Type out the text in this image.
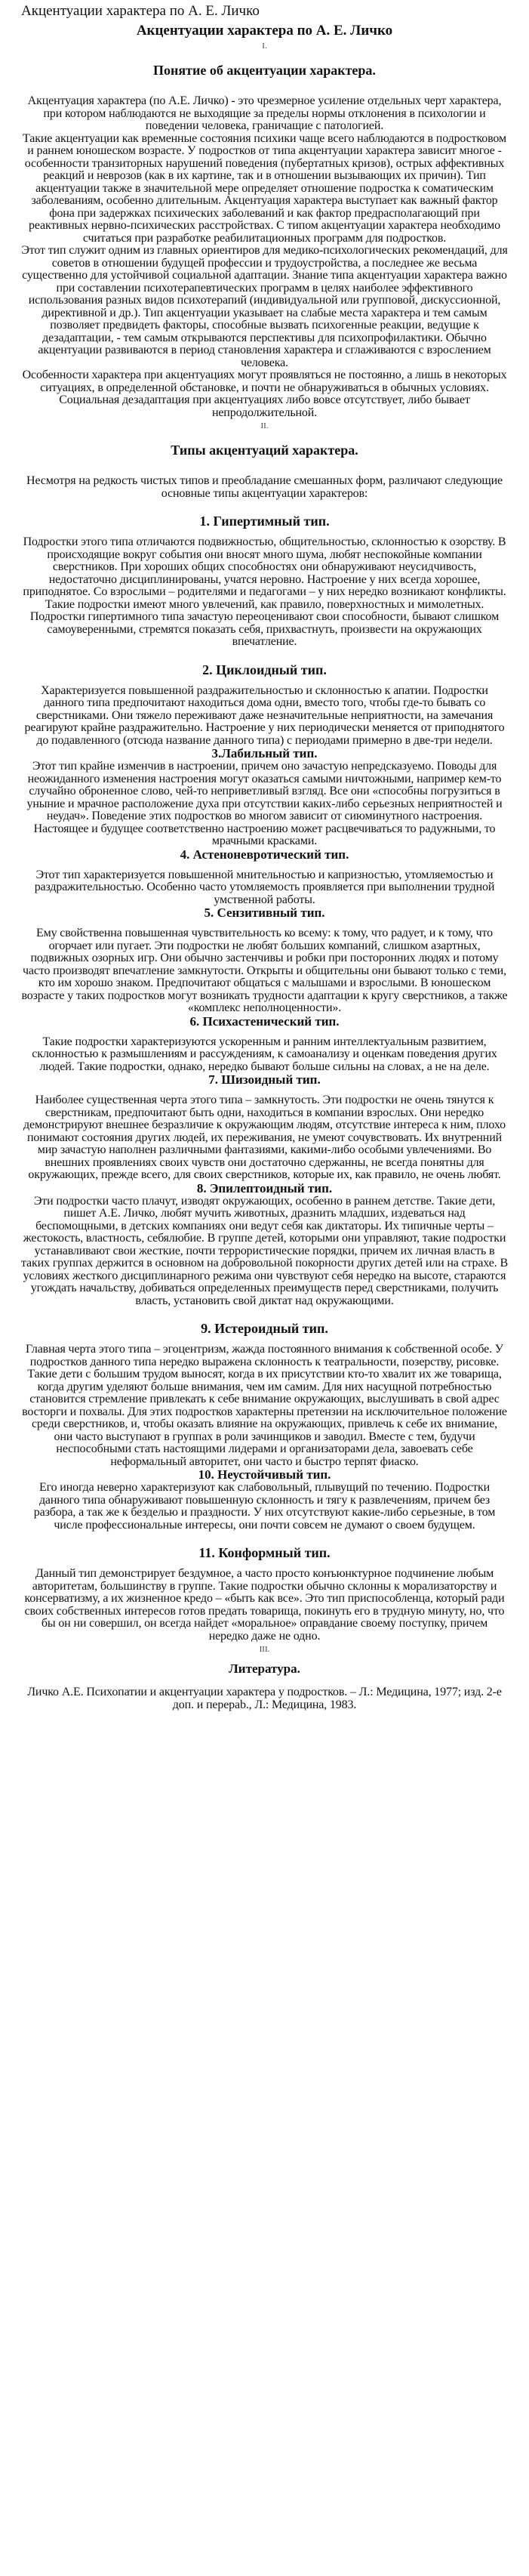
Акцентуации характера по А. Е. Личко
Акцентуации характера по А. Е. Личко
I.
Понятие об акцентуации характера.

Акцентуация характера (по А.Е. Личко) - это чрезмерное усиление отдельных черт характера, при котором наблюдаются не выходящие за пределы нормы отклонения в психологии и поведении человека, граничащие с патологией.

Такие акцентуации как временные состояния психики чаще всего наблюдаются в подростковом и раннем юношеском возрасте. У подростков от типа акцентуации характера зависит многое - особенности транзиторных нарушений поведения (пубертатных кризов), острых аффективных реакций и неврозов (как в их картине, так и в отношении вызывающих их причин). Тип акцентуации также в значительной мере определяет отношение подростка к соматическим заболеваниям, особенно длительным. Акцентуация характера выступает как важный фактор фона при задержках психических заболеваний и как фактор предрасполагающий при реактивных нервно-психических расстройствах. С типом акцентуации характера необходимо считаться при разработке реабилитационных программ для подростков.

Этот тип служит одним из главных ориентиров для медико-психологических рекомендаций, для советов в отношении будущей профессии и трудоустройства, а последнее же весьма существенно для устойчивой социальной адаптации. Знание типа акцентуации характера важно при составлении психотерапевтических программ в целях наиболее эффективного использования разных видов психотерапий (индивидуальной или групповой, дискуссионной, директивной и др.). Тип акцентуации указывает на слабые места характера и тем самым позволяет предвидеть факторы, способные вызвать психогенные реакции, ведущие к дезадаптации, - тем самым открываются перспективы для психопрофилактики. Обычно акцентуации развиваются в период становления характера и сглаживаются с взрослением человека.

Особенности характера при акцентуациях могут проявляться не постоянно, а лишь в некоторых ситуациях, в определенной обстановке, и почти не обнаруживаться в обычных условиях. Социальная дезадаптация при акцентуациях либо вовсе отсутствует, либо бывает непродолжительной.

II.
Типы акцентуаций характера.

Несмотря на редкость чистых типов и преобладание смешанных форм, различают следующие основные типы акцентуации характеров:

1. Гипертимный тип.

Подростки этого типа отличаются подвижностью, общительностью, склонностью к озорству. В происходящие вокруг события они вносят много шума, любят неспокойные компании сверстников. При хороших общих способностях они обнаруживают неусидчивость, недостаточно дисциплинированы, учатся неровно. Настроение у них всегда хорошее, приподнятое. Со взрослыми – родителями и педагогами – у них нередко возникают конфликты. Такие подростки имеют много увлечений, как правило, поверхностных и мимолетных. Подростки гипертимного типа зачастую переоценивают свои способности, бывают слишком самоуверенными, стремятся показать себя, прихвастнуть, произвести на окружающих впечатление.

2. Циклоидный тип.

Характеризуется повышенной раздражительностью и склонностью к апатии. Подростки данного типа предпочитают находиться дома одни, вместо того, чтобы где-то бывать со сверстниками. Они тяжело переживают даже незначительные неприятности, на замечания реагируют крайне раздражительно. Настроение у них периодически меняется от приподнятого до подавленного (отсюда название данного типа) с периодами примерно в две-три недели.

3.Лабильный тип.

Этот тип крайне изменчив в настроении, причем оно зачастую непредсказуемо. Поводы для неожиданного изменения настроения могут оказаться самыми ничтожными, например кем-то случайно оброненное слово, чей-то неприветливый взгляд. Все они «способны погрузиться в уныние и мрачное расположение духа при отсутствии каких-либо серьезных неприятностей и неудач». Поведение этих подростков во многом зависит от сиюминутного настроения. Настоящее и будущее соответственно настроению может расцвечиваться то радужными, то мрачными красками.

4. Астеноневротический тип.

Этот тип характеризуется повышенной мнительностью и капризностью, утомляемостью и раздражительностью. Особенно часто утомляемость проявляется при выполнении трудной умственной работы.

5. Сензитивный тип.

Ему свойственна повышенная чувствительность ко всему: к тому, что радует, и к тому, что огорчает или пугает. Эти подростки не любят больших компаний, слишком азартных, подвижных озорных игр. Они обычно застенчивы и робки при посторонних людях и потому часто производят впечатление замкнутости. Открыты и общительны они бывают только с теми, кто им хорошо знаком. Предпочитают общаться с малышами и взрослыми. В юношеском возрасте у таких подростков могут возникать трудности адаптации к кругу сверстников, а также «комплекс неполноценности».

6. Психастенический тип.

Такие подростки характеризуются ускоренным и ранним интеллектуальным развитием, склонностью к размышлениям и рассуждениям, к самоанализу и оценкам поведения других людей. Такие подростки, однако, нередко бывают больше сильны на словах, а не на деле.

7. Шизоидный тип.

Наиболее существенная черта этого типа – замкнутость. Эти подростки не очень тянутся к сверстникам, предпочитают быть одни, находиться в компании взрослых. Они нередко демонстрируют внешнее безразличие к окружающим людям, отсутствие интереса к ним, плохо понимают состояния других людей, их переживания, не умеют сочувствовать. Их внутренний мир зачастую наполнен различными фантазиями, какими-либо особыми увлечениями. Во внешних проявлениях своих чувств они достаточно сдержанны, не всегда понятны для окружающих, прежде всего, для своих сверстников, которые их, как правило, не очень любят.

8. Эпилептоидный тип.

Эти подростки часто плачут, изводят окружающих, особенно в раннем детстве. Такие дети, пишет А.Е. Личко, любят мучить животных, дразнить младших, издеваться над беспомощными, в детских компаниях они ведут себя как диктаторы. Их типичные черты – жестокость, властность, себялюбие. В группе детей, которыми они управляют, такие подростки устанавливают свои жесткие, почти террористические порядки, причем их личная власть в таких группах держится в основном на добровольной покорности других детей или на страхе. В условиях жесткого дисциплинарного режима они чувствуют себя нередко на высоте, стараются угождать начальству, добиваться определенных преимуществ перед сверстниками, получить власть, установить свой диктат над окружающими.

9. Истероидный тип.

Главная черта этого типа – эгоцентризм, жажда постоянного внимания к собственной особе. У подростков данного типа нередко выражена склонность к театральности, позерству, рисовке. Такие дети с большим трудом выносят, когда в их присутствии кто-то хвалит их же товарища, когда другим уделяют больше внимания, чем им самим. Для них насущной потребностью становится стремление привлекать к себе внимание окружающих, выслушивать в свой адрес восторги и похвалы. Для этих подростков характерны претензии на исключительное положение среди сверстников, и, чтобы оказать влияние на окружающих, привлечь к себе их внимание, они часто выступают в группах в роли зачинщиков и заводил. Вместе с тем, будучи неспособными стать настоящими лидерами и организаторами дела, завоевать себе неформальный авторитет, они часто и быстро терпят фиаско.

10. Неустойчивый тип.

Его иногда неверно характеризуют как слабовольный, плывущий по течению. Подростки данного типа обнаруживают повышенную склонность и тягу к развлечениям, причем без разбора, а так же к безделью и праздности. У них отсутствуют какие-либо серьезные, в том числе профессиональные интересы, они почти совсем не думают о своем будущем.

11. Конформный тип.

Данный тип демонстрирует бездумное, а часто просто конъюнктурное подчинение любым авторитетам, большинству в группе. Такие подростки обычно склонны к морализаторству и консерватизму, а их жизненное кредо – «быть как все». Это тип приспособленца, который ради своих собственных интересов готов предать товарища, покинуть его в трудную минуту, но, что бы он ни совершил, он всегда найдет «моральное» оправдание своему поступку, причем нередко даже не одно.

III.
Литература.

Личко А.Е. Психопатии и акцентуации характера у подростков. – Л.: Медицина, 1977; изд. 2-е доп. и перерab., Л.: Медицина, 1983.
